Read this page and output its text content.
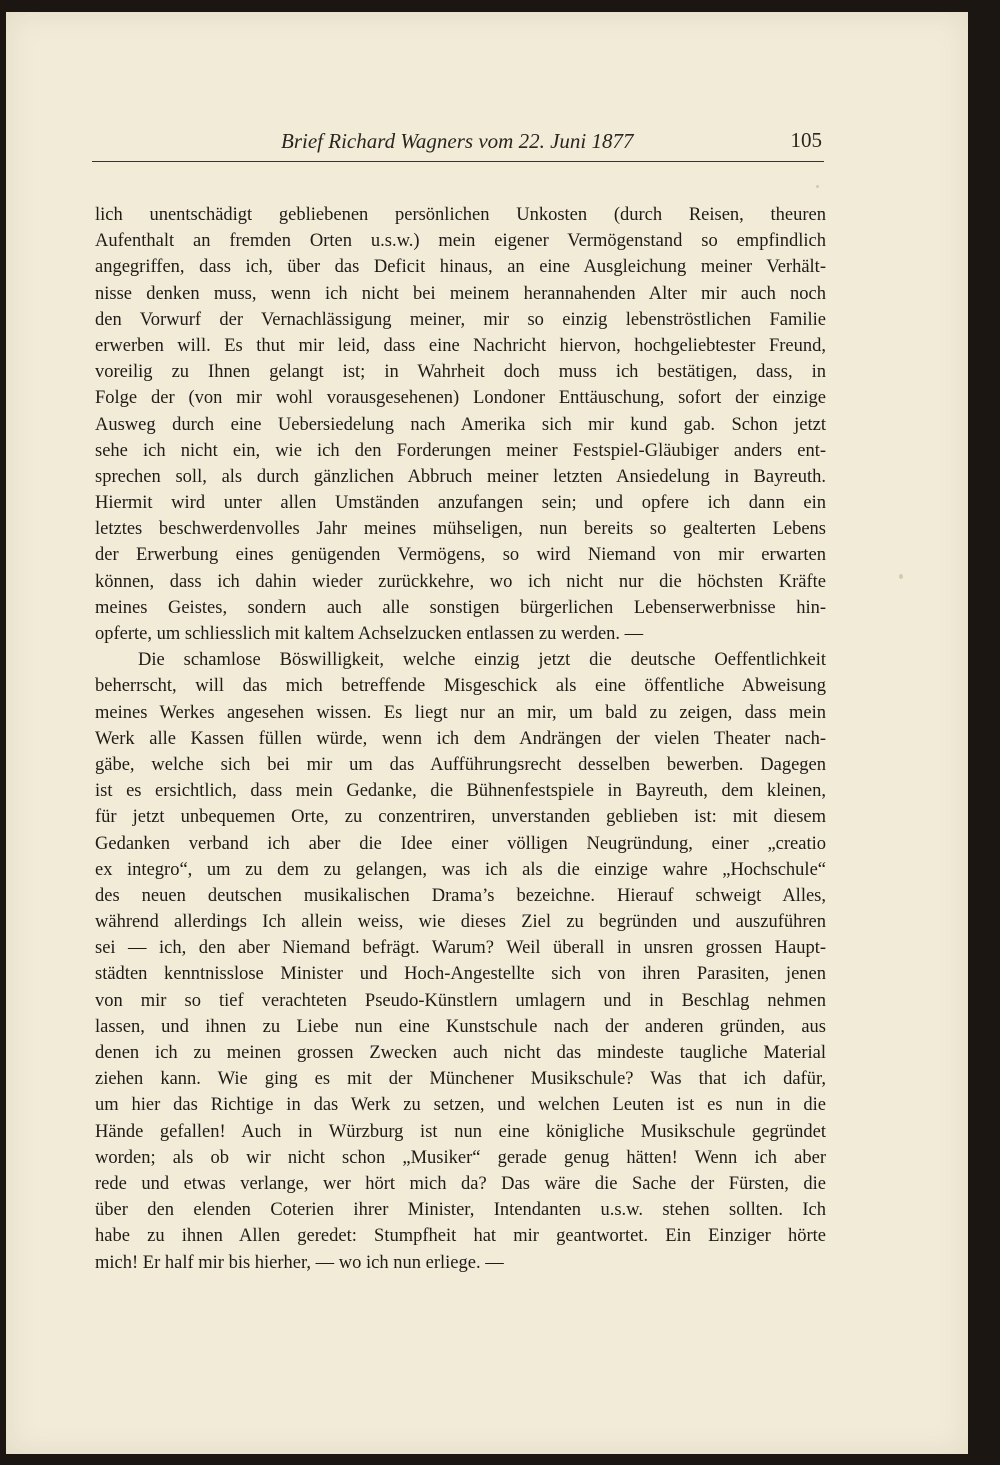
Brief Richard Wagners vom 22. Juni 1877	105
lich unentschädigt gebliebenen persönlichen Unkosten (durch Reisen, theuren
Aufenthalt an fremden Orten u.s.w.) mein eigener Vermögenstand so empfindlich
angegriffen, dass ich, über das Deficit hinaus, an eine Ausgleichung meiner Verhält-
nisse denken muss, wenn ich nicht bei meinem herannahenden Alter mir auch noch
den Vorwurf der Vernachlässigung meiner, mir so einzig lebenströstlichen Familie
erwerben will. Es thut mir leid, dass eine Nachricht hiervon, hochgeliebtester Freund,
voreilig zu Ihnen gelangt ist; in Wahrheit doch muss ich bestätigen, dass, in
Folge der (von mir wohl vorausgesehenen) Londoner Enttäuschung, sofort der einzige
Ausweg durch eine Uebersiedelung nach Amerika sich mir kund gab. Schon jetzt
sehe ich nicht ein, wie ich den Forderungen meiner Festspiel-Gläubiger anders ent-
sprechen soll, als durch gänzlichen Abbruch meiner letzten Ansiedelung in Bayreuth.
Hiermit wird unter allen Umständen anzufangen sein; und opfere ich dann ein
letztes beschwerdenvolles Jahr meines mühseligen, nun bereits so gealterten Lebens
der Erwerbung eines genügenden Vermögens, so wird Niemand von mir erwarten
können, dass ich dahin wieder zurückkehre, wo ich nicht nur die höchsten Kräfte
meines Geistes, sondern auch alle sonstigen bürgerlichen Lebenserwerbnisse hin-
opferte, um schliesslich mit kaltem Achselzucken entlassen zu werden. —
Die schamlose Böswilligkeit, welche einzig jetzt die deutsche Oeffentlichkeit
beherrscht, will das mich betreffende Misgeschick als eine öffentliche Abweisung
meines Werkes angesehen wissen. Es liegt nur an mir, um bald zu zeigen, dass mein
Werk alle Kassen füllen würde, wenn ich dem Andrängen der vielen Theater nach-
gäbe, welche sich bei mir um das Aufführungsrecht desselben bewerben. Dagegen
ist es ersichtlich, dass mein Gedanke, die Bühnenfestspiele in Bayreuth, dem kleinen,
für jetzt unbequemen Orte, zu conzentriren, unverstanden geblieben ist: mit diesem
Gedanken verband ich aber die Idee einer völligen Neugründung, einer „creatio
ex integro“, um zu dem zu gelangen, was ich als die einzige wahre „Hochschule“
des neuen deutschen musikalischen Drama’s bezeichne. Hierauf schweigt Alles,
während allerdings Ich allein weiss, wie dieses Ziel zu begründen und auszuführen
sei — ich, den aber Niemand befrägt. Warum? Weil überall in unsren grossen Haupt-
städten kenntnisslose Minister und Hoch-Angestellte sich von ihren Parasiten, jenen
von mir so tief verachteten Pseudo-Künstlern umlagern und in Beschlag nehmen
lassen, und ihnen zu Liebe nun eine Kunstschule nach der anderen gründen, aus
denen ich zu meinen grossen Zwecken auch nicht das mindeste taugliche Material
ziehen kann. Wie ging es mit der Münchener Musikschule? Was that ich dafür,
um hier das Richtige in das Werk zu setzen, und welchen Leuten ist es nun in die
Hände gefallen! Auch in Würzburg ist nun eine königliche Musikschule gegründet
worden; als ob wir nicht schon „Musiker“ gerade genug hätten! Wenn ich aber
rede und etwas verlange, wer hört mich da? Das wäre die Sache der Fürsten, die
über den elenden Coterien ihrer Minister, Intendanten u.s.w. stehen sollten. Ich
habe zu ihnen Allen geredet: Stumpfheit hat mir geantwortet. Ein Einziger hörte
mich! Er half mir bis hierher, — wo ich nun erliege. —
